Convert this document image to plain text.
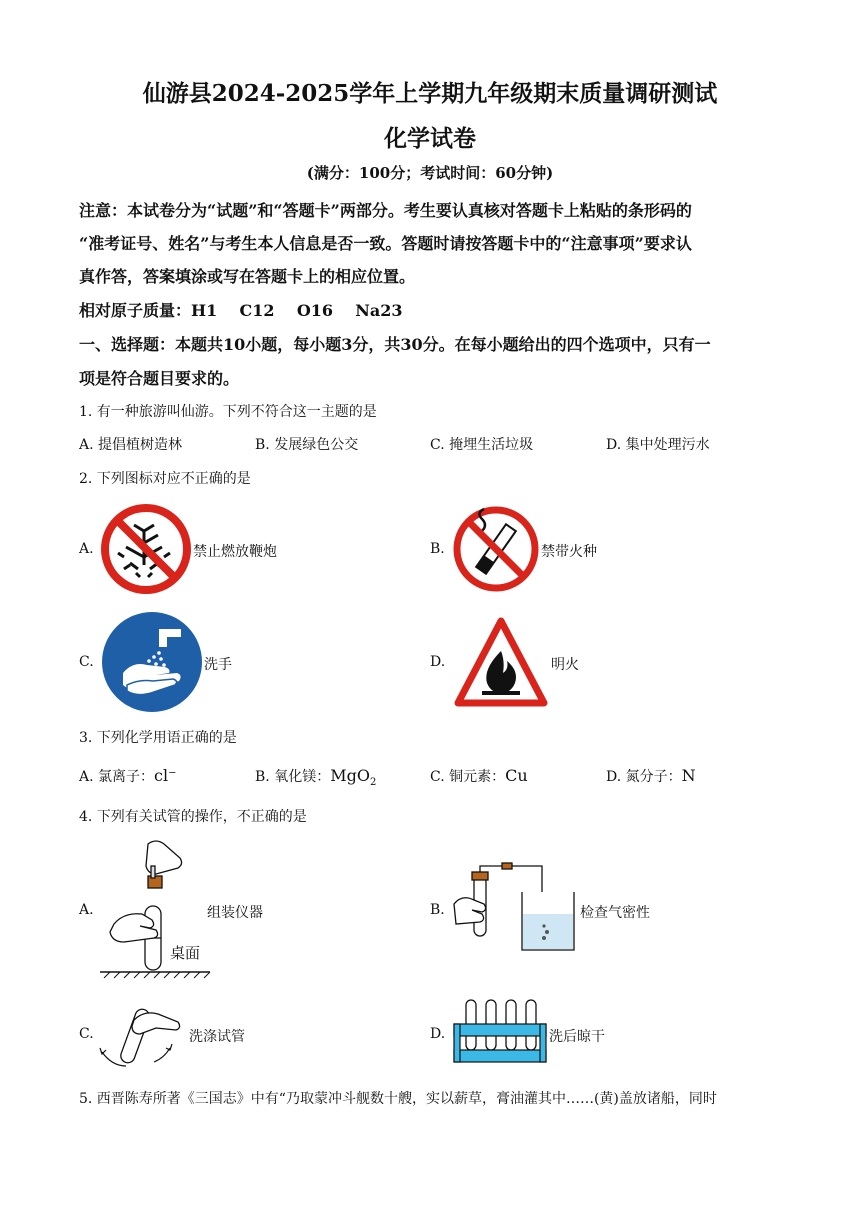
仙游县2024-2025学年上学期九年级期末质量调研测试
化学试卷
(满分：100分；考试时间：60分钟)
注意：本试卷分为“试题”和“答题卡”两部分。考生要认真核对答题卡上粘贴的条形码的
“准考证号、姓名”与考生本人信息是否一致。答题时请按答题卡中的“注意事项”要求认
真作答，答案填涂或写在答题卡上的相应位置。
相对原子质量：H1    C12    O16    Na23
一、选择题：本题共10小题，每小题3分，共30分。在每小题给出的四个选项中，只有一
项是符合题目要求的。
1. 有一种旅游叫仙游。下列不符合这一主题的是
A. 提倡植树造林	B. 发展绿色公交	C. 掩埋生活垃圾	D. 集中处理污水
2. 下列图标对应不正确的是
A.	禁止燃放鞭炮	B.	禁带火种
C.	洗手	D.	明火
3. 下列化学用语正确的是
A. 氯离子：cl−	B. 氧化镁：MgO$_2$	C. 铜元素：Cu	D. 氮分子：N
4. 下列有关试管的操作，不正确的是
A.
桌面
组装仪器	B.	检查气密性
C.	洗涤试管	D.	洗后晾干
5. 西晋陈寿所著《三国志》中有“乃取蒙冲斗舰数十艘，实以薪草，膏油灌其中……(黄)盖放诸船，同时
